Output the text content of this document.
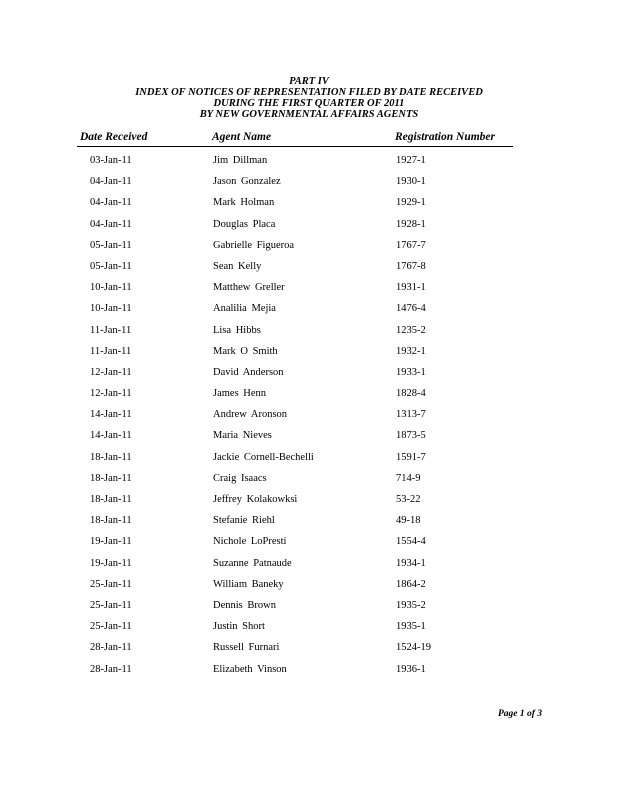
PART IV
INDEX OF NOTICES OF REPRESENTATION FILED BY DATE RECEIVED
DURING THE FIRST QUARTER OF 2011
BY NEW GOVERNMENTAL AFFAIRS AGENTS
Date Received	Agent Name	Registration Number
03-Jan-11	Jim Dillman	1927-1
04-Jan-11	Jason Gonzalez	1930-1
04-Jan-11	Mark Holman	1929-1
04-Jan-11	Douglas Placa	1928-1
05-Jan-11	Gabrielle Figueroa	1767-7
05-Jan-11	Sean Kelly	1767-8
10-Jan-11	Matthew Greller	1931-1
10-Jan-11	Analilia Mejia	1476-4
11-Jan-11	Lisa Hibbs	1235-2
11-Jan-11	Mark O Smith	1932-1
12-Jan-11	David Anderson	1933-1
12-Jan-11	James Henn	1828-4
14-Jan-11	Andrew Aronson	1313-7
14-Jan-11	Maria Nieves	1873-5
18-Jan-11	Jackie Cornell-Bechelli	1591-7
18-Jan-11	Craig Isaacs	714-9
18-Jan-11	Jeffrey Kolakowksi	53-22
18-Jan-11	Stefanie Riehl	49-18
19-Jan-11	Nichole LoPresti	1554-4
19-Jan-11	Suzanne Patnaude	1934-1
25-Jan-11	William Baneky	1864-2
25-Jan-11	Dennis Brown	1935-2
25-Jan-11	Justin Short	1935-1
28-Jan-11	Russell Furnari	1524-19
28-Jan-11	Elizabeth Vinson	1936-1
Page 1 of 3
